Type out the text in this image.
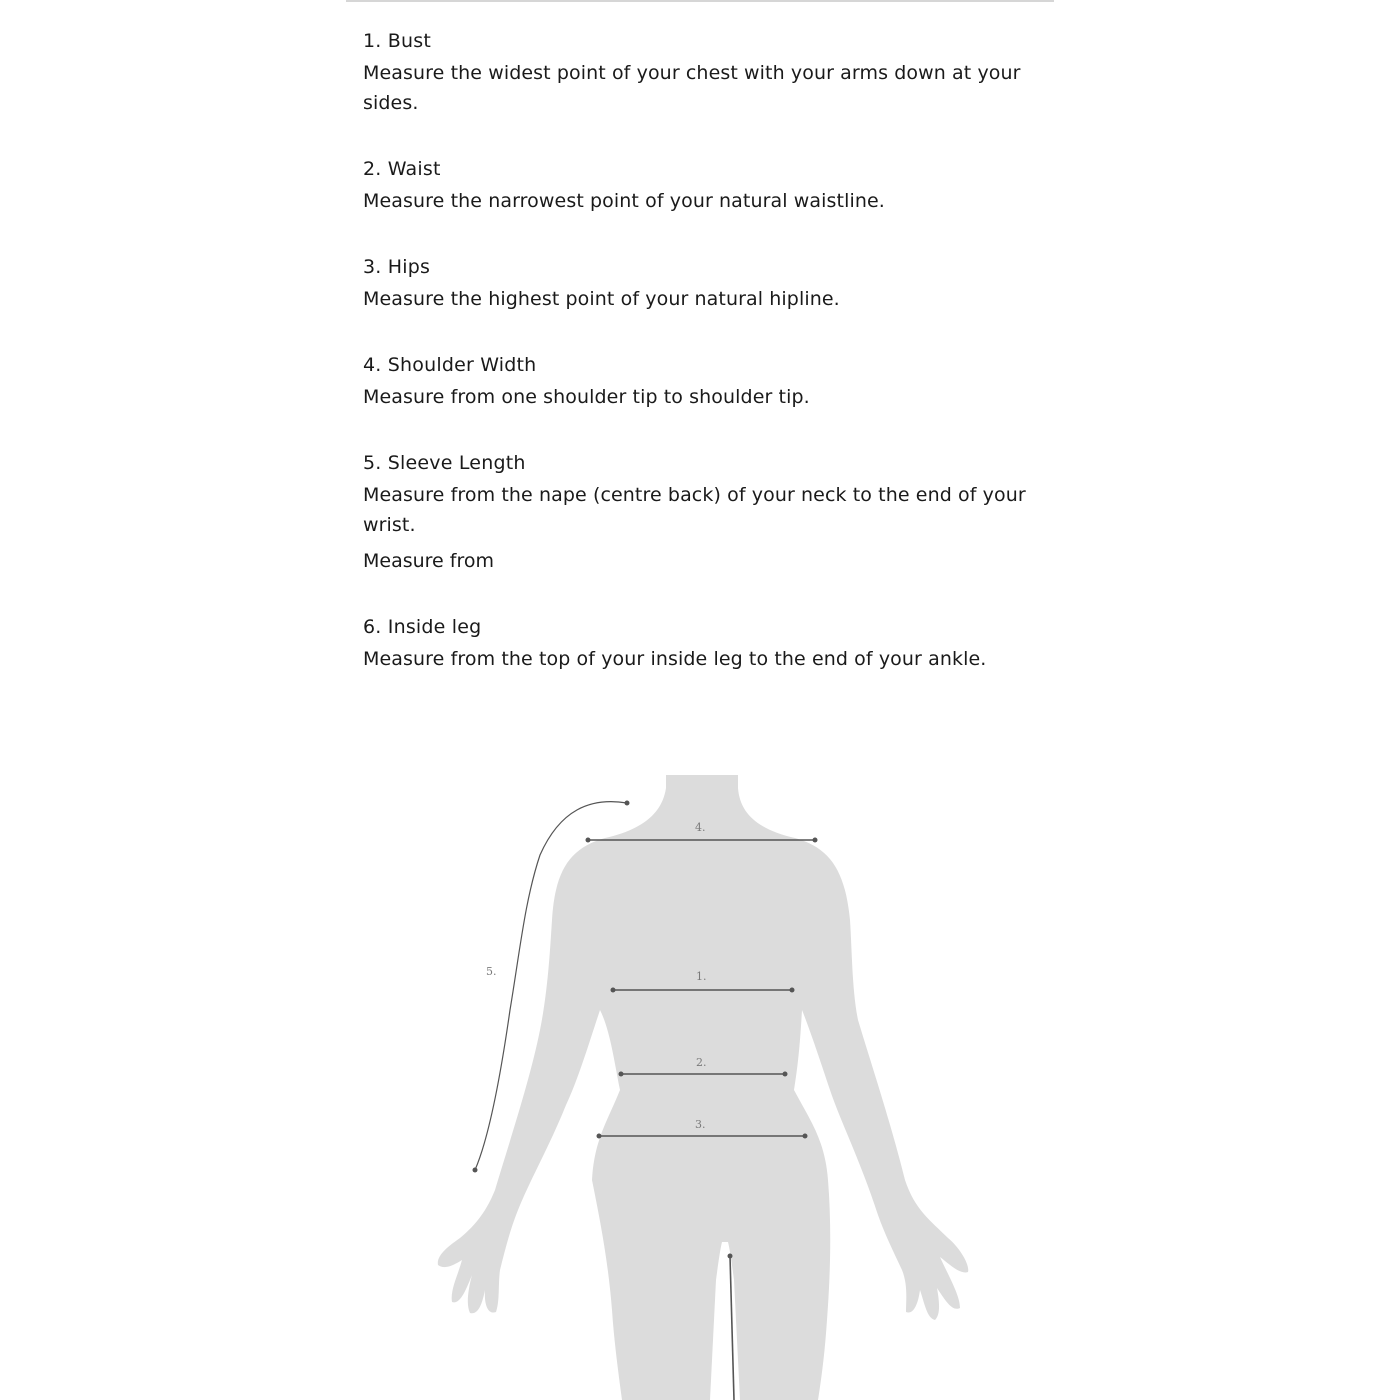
1. Bust

Measure the widest point of your chest with your arms down at your sides.

2. Waist

Measure the narrowest point of your natural waistline.

3. Hips

Measure the highest point of your natural hipline.

4. Shoulder Width

Measure from one shoulder tip to shoulder tip.

5. Sleeve Length

Measure from the nape (centre back) of your neck to the end of your wrist.

Measure from

6. Inside leg

Measure from the top of your inside leg to the end of your ankle.

4.
1.
2.
3.
5.
